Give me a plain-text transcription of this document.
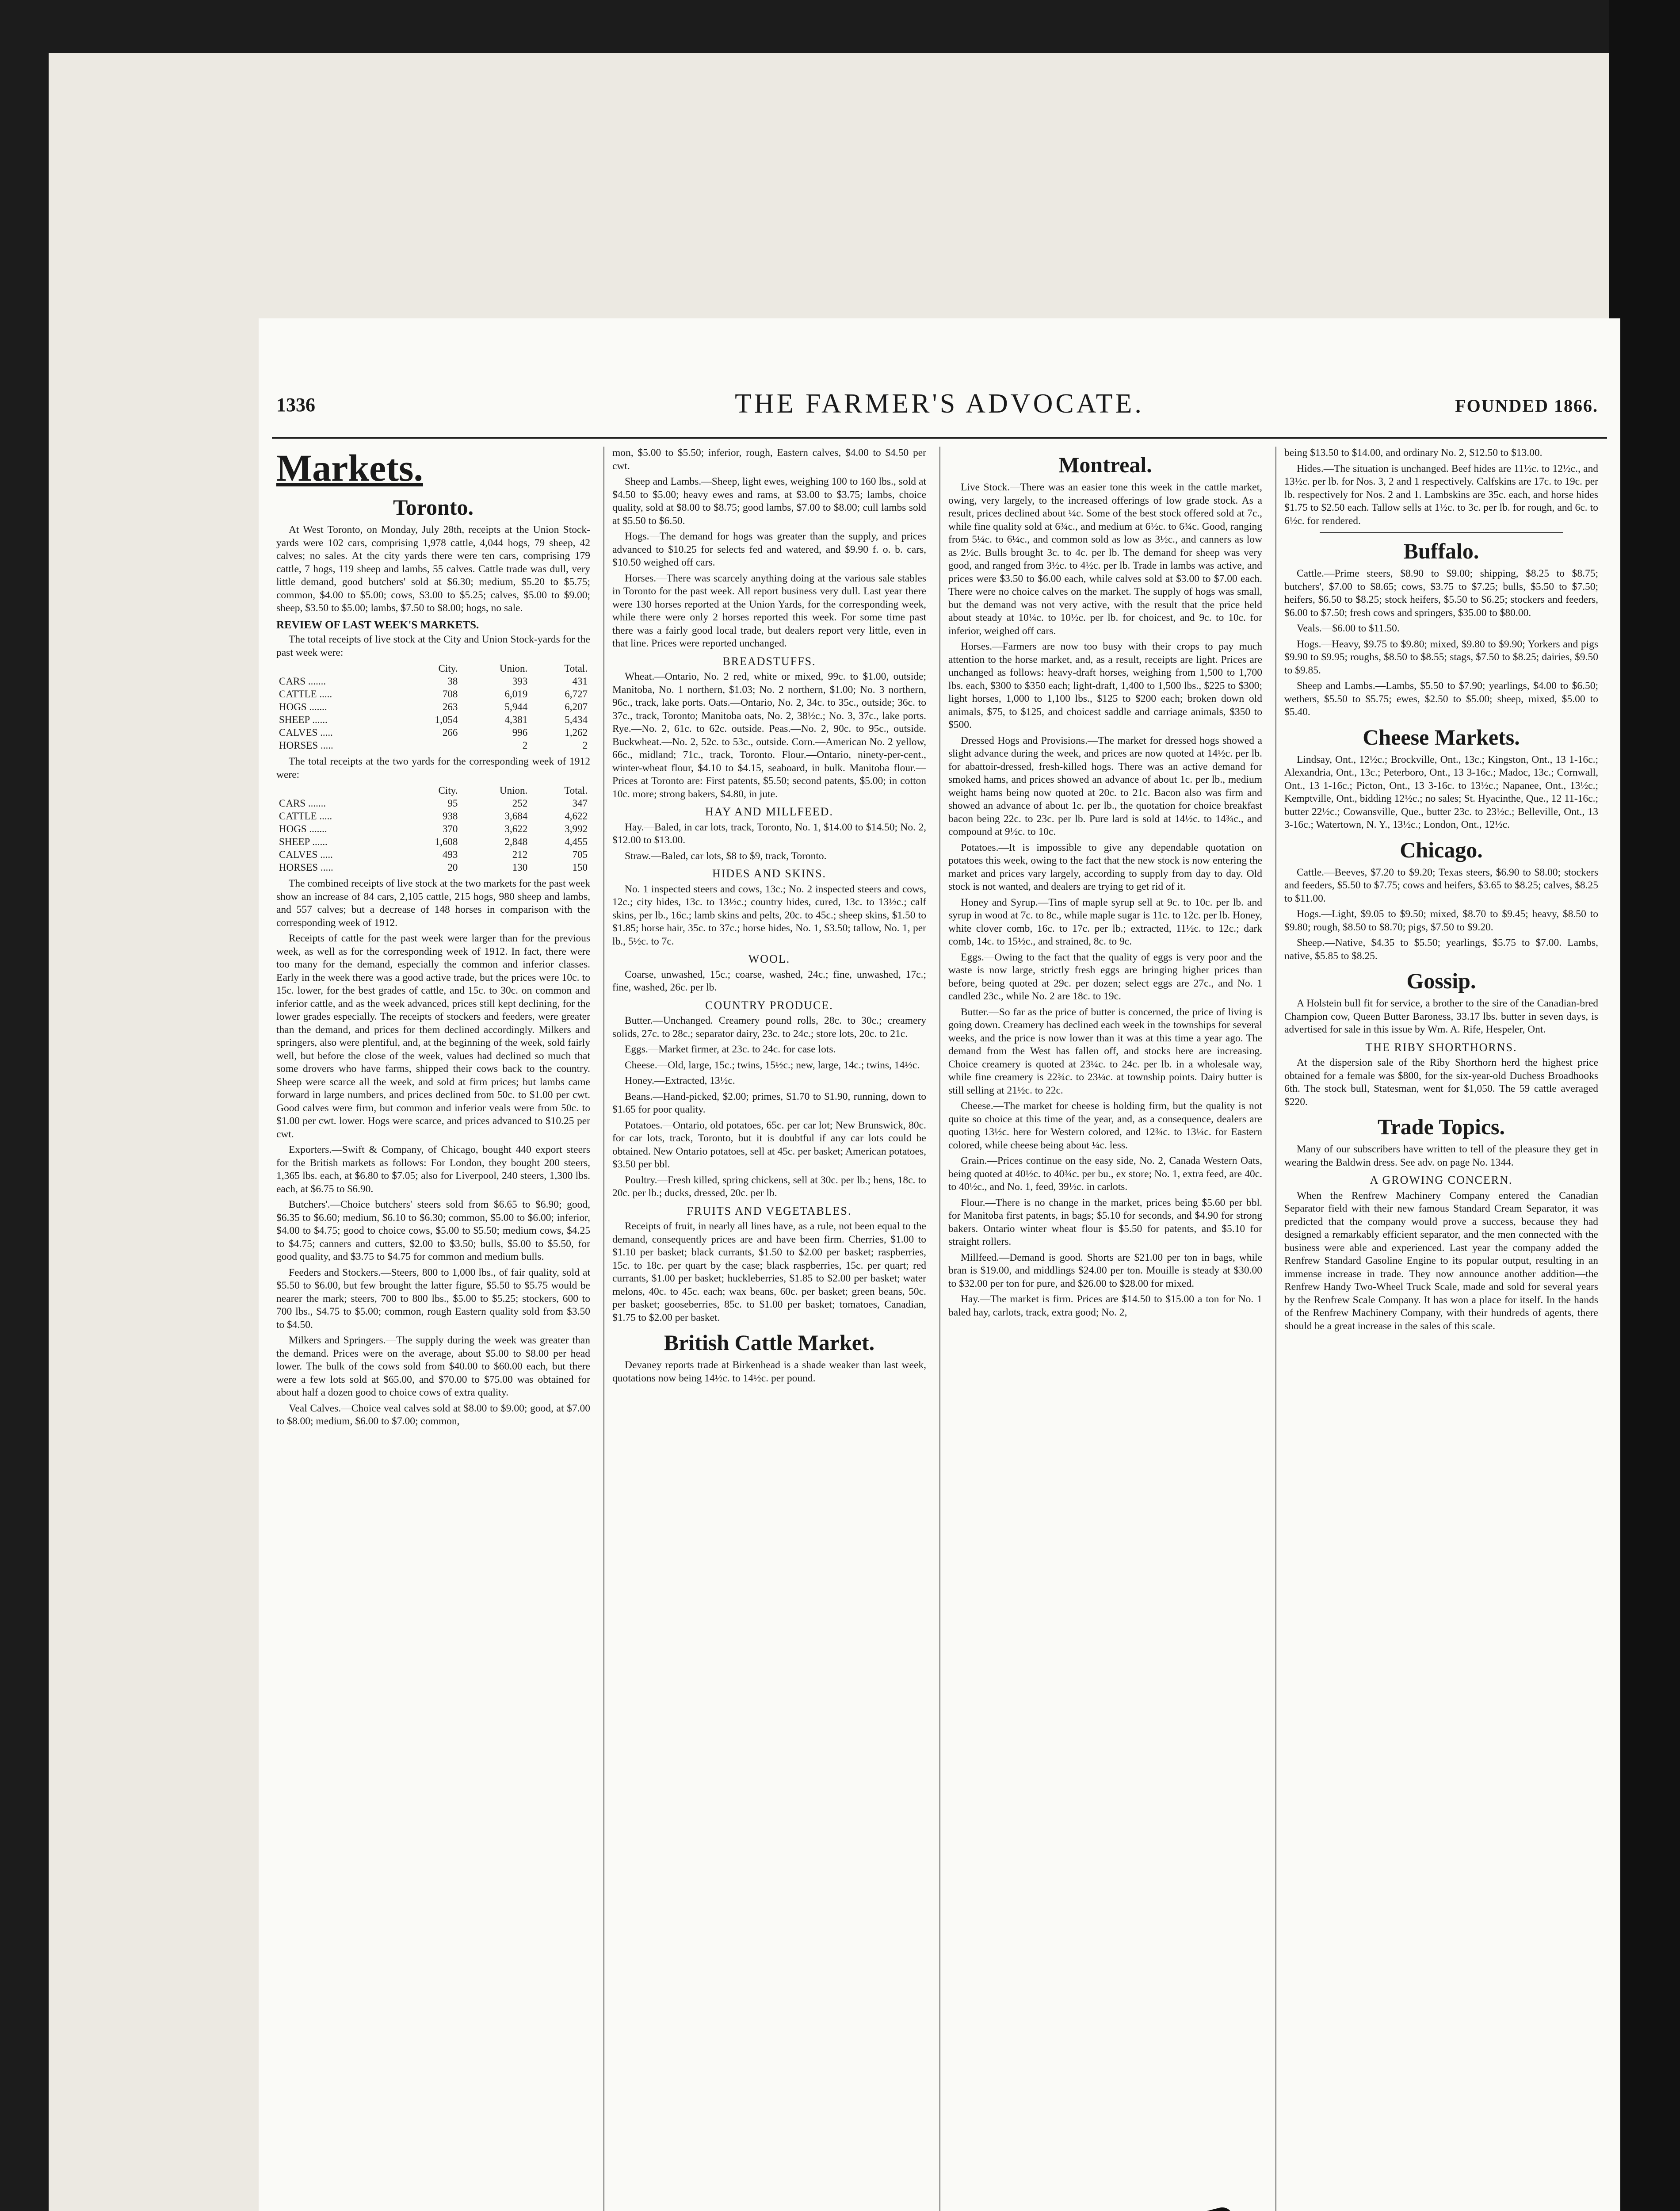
1336	THE FARMER'S ADVOCATE.	FOUNDED 1866.
Markets.
Toronto.

At West Toronto, on Monday, July 28th, receipts at the Union Stock-yards were 102 cars, comprising 1,978 cattle, 4,044 hogs, 79 sheep, 42 calves; no sales. At the city yards there were ten cars, comprising 179 cattle, 7 hogs, 119 sheep and lambs, 55 calves. Cattle trade was dull, very little demand, good butchers' sold at $6.30; medium, $5.20 to $5.75; common, $4.00 to $5.00; cows, $3.00 to $5.25; calves, $5.00 to $9.00; sheep, $3.50 to $5.00; lambs, $7.50 to $8.00; hogs, no sale.

REVIEW OF LAST WEEK'S MARKETS.

The total receipts of live stock at the City and Union Stock-yards for the past week were:

	City.	Union.	Total.
CARS .......	38	393	431
CATTLE .....	708	6,019	6,727
HOGS .......	263	5,944	6,207
SHEEP ......	1,054	4,381	5,434
CALVES .....	266	996	1,262
HORSES .....		2	2

The total receipts at the two yards for the corresponding week of 1912 were:

	City.	Union.	Total.
CARS .......	95	252	347
CATTLE .....	938	3,684	4,622
HOGS .......	370	3,622	3,992
SHEEP ......	1,608	2,848	4,455
CALVES .....	493	212	705
HORSES .....	20	130	150

The combined receipts of live stock at the two markets for the past week show an increase of 84 cars, 2,105 cattle, 215 hogs, 980 sheep and lambs, and 557 calves; but a decrease of 148 horses in comparison with the corresponding week of 1912.

Receipts of cattle for the past week were larger than for the previous week, as well as for the corresponding week of 1912. In fact, there were too many for the demand, especially the common and inferior classes. Early in the week there was a good active trade, but the prices were 10c. to 15c. lower, for the best grades of cattle, and 15c. to 30c. on common and inferior cattle, and as the week advanced, prices still kept declining, for the lower grades especially. The receipts of stockers and feeders, were greater than the demand, and prices for them declined accordingly. Milkers and springers, also were plentiful, and, at the beginning of the week, sold fairly well, but before the close of the week, values had declined so much that some drovers who have farms, shipped their cows back to the country. Sheep were scarce all the week, and sold at firm prices; but lambs came forward in large numbers, and prices declined from 50c. to $1.00 per cwt. Good calves were firm, but common and inferior veals were from 50c. to $1.00 per cwt. lower. Hogs were scarce, and prices advanced to $10.25 per cwt.

Exporters.—Swift & Company, of Chicago, bought 440 export steers for the British markets as follows: For London, they bought 200 steers, 1,365 lbs. each, at $6.80 to $7.05; also for Liverpool, 240 steers, 1,300 lbs. each, at $6.75 to $6.90.

Butchers'.—Choice butchers' steers sold from $6.65 to $6.90; good, $6.35 to $6.60; medium, $6.10 to $6.30; common, $5.00 to $6.00; inferior, $4.00 to $4.75; good to choice cows, $5.00 to $5.50; medium cows, $4.25 to $4.75; canners and cutters, $2.00 to $3.50; bulls, $5.00 to $5.50, for good quality, and $3.75 to $4.75 for common and medium bulls.

Feeders and Stockers.—Steers, 800 to 1,000 lbs., of fair quality, sold at $5.50 to $6.00, but few brought the latter figure, $5.50 to $5.75 would be nearer the mark; steers, 700 to 800 lbs., $5.00 to $5.25; stockers, 600 to 700 lbs., $4.75 to $5.00; common, rough Eastern quality sold from $3.50 to $4.50.

Milkers and Springers.—The supply during the week was greater than the demand. Prices were on the average, about $5.00 to $8.00 per head lower. The bulk of the cows sold from $40.00 to $60.00 each, but there were a few lots sold at $65.00, and $70.00 to $75.00 was obtained for about half a dozen good to choice cows of extra quality.

Veal Calves.—Choice veal calves sold at $8.00 to $9.00; good, at $7.00 to $8.00; medium, $6.00 to $7.00; common,

mon, $5.00 to $5.50; inferior, rough, Eastern calves, $4.00 to $4.50 per cwt.

Sheep and Lambs.—Sheep, light ewes, weighing 100 to 160 lbs., sold at $4.50 to $5.00; heavy ewes and rams, at $3.00 to $3.75; lambs, choice quality, sold at $8.00 to $8.75; good lambs, $7.00 to $8.00; cull lambs sold at $5.50 to $6.50.

Hogs.—The demand for hogs was greater than the supply, and prices advanced to $10.25 for selects fed and watered, and $9.90 f. o. b. cars, $10.50 weighed off cars.

Horses.—There was scarcely anything doing at the various sale stables in Toronto for the past week. All report business very dull. Last year there were 130 horses reported at the Union Yards, for the corresponding week, while there were only 2 horses reported this week. For some time past there was a fairly good local trade, but dealers report very little, even in that line. Prices were reported unchanged.

BREADSTUFFS.

Wheat.—Ontario, No. 2 red, white or mixed, 99c. to $1.00, outside; Manitoba, No. 1 northern, $1.03; No. 2 northern, $1.00; No. 3 northern, 96c., track, lake ports. Oats.—Ontario, No. 2, 34c. to 35c., outside; 36c. to 37c., track, Toronto; Manitoba oats, No. 2, 38½c.; No. 3, 37c., lake ports. Rye.—No. 2, 61c. to 62c. outside. Peas.—No. 2, 90c. to 95c., outside. Buckwheat.—No. 2, 52c. to 53c., outside. Corn.—American No. 2 yellow, 66c., midland; 71c., track, Toronto. Flour.—Ontario, ninety-per-cent., winter-wheat flour, $4.10 to $4.15, seaboard, in bulk. Manitoba flour.—Prices at Toronto are: First patents, $5.50; second patents, $5.00; in cotton 10c. more; strong bakers, $4.80, in jute.

HAY AND MILLFEED.

Hay.—Baled, in car lots, track, Toronto, No. 1, $14.00 to $14.50; No. 2, $12.00 to $13.00.

Straw.—Baled, car lots, $8 to $9, track, Toronto.

HIDES AND SKINS.

No. 1 inspected steers and cows, 13c.; No. 2 inspected steers and cows, 12c.; city hides, 13c. to 13½c.; country hides, cured, 13c. to 13½c.; calf skins, per lb., 16c.; lamb skins and pelts, 20c. to 45c.; sheep skins, $1.50 to $1.85; horse hair, 35c. to 37c.; horse hides, No. 1, $3.50; tallow, No. 1, per lb., 5½c. to 7c.

WOOL.

Coarse, unwashed, 15c.; coarse, washed, 24c.; fine, unwashed, 17c.; fine, washed, 26c. per lb.

COUNTRY PRODUCE.

Butter.—Unchanged. Creamery pound rolls, 28c. to 30c.; creamery solids, 27c. to 28c.; separator dairy, 23c. to 24c.; store lots, 20c. to 21c.

Eggs.—Market firmer, at 23c. to 24c. for case lots.

Cheese.—Old, large, 15c.; twins, 15½c.; new, large, 14c.; twins, 14½c.

Honey.—Extracted, 13½c.

Beans.—Hand-picked, $2.00; primes, $1.70 to $1.90, running, down to $1.65 for poor quality.

Potatoes.—Ontario, old potatoes, 65c. per car lot; New Brunswick, 80c. for car lots, track, Toronto, but it is doubtful if any car lots could be obtained. New Ontario potatoes, sell at 45c. per basket; American potatoes, $3.50 per bbl.

Poultry.—Fresh killed, spring chickens, sell at 30c. per lb.; hens, 18c. to 20c. per lb.; ducks, dressed, 20c. per lb.

FRUITS AND VEGETABLES.

Receipts of fruit, in nearly all lines have, as a rule, not been equal to the demand, consequently prices are and have been firm. Cherries, $1.00 to $1.10 per basket; black currants, $1.50 to $2.00 per basket; raspberries, 15c. to 18c. per quart by the case; black raspberries, 15c. per quart; red currants, $1.00 per basket; huckleberries, $1.85 to $2.00 per basket; water melons, 40c. to 45c. each; wax beans, 60c. per basket; green beans, 50c. per basket; gooseberries, 85c. to $1.00 per basket; tomatoes, Canadian, $1.75 to $2.00 per basket.

British Cattle Market.

Devaney reports trade at Birkenhead is a shade weaker than last week, quotations now being 14½c. to 14½c. per pound.

Montreal.

Live Stock.—There was an easier tone this week in the cattle market, owing, very largely, to the increased offerings of low grade stock. As a result, prices declined about ¼c. Some of the best stock offered sold at 7c., while fine quality sold at 6¾c., and medium at 6½c. to 6¾c. Good, ranging from 5¼c. to 6¼c., and common sold as low as 3½c., and canners as low as 2½c. Bulls brought 3c. to 4c. per lb. The demand for sheep was very good, and ranged from 3½c. to 4½c. per lb. Trade in lambs was active, and prices were $3.50 to $6.00 each, while calves sold at $3.00 to $7.00 each. There were no choice calves on the market. The supply of hogs was small, but the demand was not very active, with the result that the price held about steady at 10¼c. to 10½c. per lb. for choicest, and 9c. to 10c. for inferior, weighed off cars.

Horses.—Farmers are now too busy with their crops to pay much attention to the horse market, and, as a result, receipts are light. Prices are unchanged as follows: heavy-draft horses, weighing from 1,500 to 1,700 lbs. each, $300 to $350 each; light-draft, 1,400 to 1,500 lbs., $225 to $300; light horses, 1,000 to 1,100 lbs., $125 to $200 each; broken down old animals, $75, to $125, and choicest saddle and carriage animals, $350 to $500.

Dressed Hogs and Provisions.—The market for dressed hogs showed a slight advance during the week, and prices are now quoted at 14½c. per lb. for abattoir-dressed, fresh-killed hogs. There was an active demand for smoked hams, and prices showed an advance of about 1c. per lb., medium weight hams being now quoted at 20c. to 21c. Bacon also was firm and showed an advance of about 1c. per lb., the quotation for choice breakfast bacon being 22c. to 23c. per lb. Pure lard is sold at 14½c. to 14¾c., and compound at 9½c. to 10c.

Potatoes.—It is impossible to give any dependable quotation on potatoes this week, owing to the fact that the new stock is now entering the market and prices vary largely, according to supply from day to day. Old stock is not wanted, and dealers are trying to get rid of it.

Honey and Syrup.—Tins of maple syrup sell at 9c. to 10c. per lb. and syrup in wood at 7c. to 8c., while maple sugar is 11c. to 12c. per lb. Honey, white clover comb, 16c. to 17c. per lb.; extracted, 11½c. to 12c.; dark comb, 14c. to 15½c., and strained, 8c. to 9c.

Eggs.—Owing to the fact that the quality of eggs is very poor and the waste is now large, strictly fresh eggs are bringing higher prices than before, being quoted at 29c. per dozen; select eggs are 27c., and No. 1 candled 23c., while No. 2 are 18c. to 19c.

Butter.—So far as the price of butter is concerned, the price of living is going down. Creamery has declined each week in the townships for several weeks, and the price is now lower than it was at this time a year ago. The demand from the West has fallen off, and stocks here are increasing. Choice creamery is quoted at 23¼c. to 24c. per lb. in a wholesale way, while fine creamery is 22¾c. to 23¼c. at township points. Dairy butter is still selling at 21½c. to 22c.

Cheese.—The market for cheese is holding firm, but the quality is not quite so choice at this time of the year, and, as a consequence, dealers are quoting 13½c. here for Western colored, and 12¾c. to 13¼c. for Eastern colored, while cheese being about ¼c. less.

Grain.—Prices continue on the easy side, No. 2, Canada Western Oats, being quoted at 40½c. to 40¾c. per bu., ex store; No. 1, extra feed, are 40c. to 40½c., and No. 1, feed, 39½c. in carlots.

Flour.—There is no change in the market, prices being $5.60 per bbl. for Manitoba first patents, in bags; $5.10 for seconds, and $4.90 for strong bakers. Ontario winter wheat flour is $5.50 for patents, and $5.10 for straight rollers.

Millfeed.—Demand is good. Shorts are $21.00 per ton in bags, while bran is $19.00, and middlings $24.00 per ton. Mouille is steady at $30.00 to $32.00 per ton for pure, and $26.00 to $28.00 for mixed.

Hay.—The market is firm. Prices are $14.50 to $15.00 a ton for No. 1 baled hay, carlots, track, extra good; No. 2,

being $13.50 to $14.00, and ordinary No. 2, $12.50 to $13.00.

Hides.—The situation is unchanged. Beef hides are 11½c. to 12½c., and 13½c. per lb. for Nos. 3, 2 and 1 respectively. Calfskins are 17c. to 19c. per lb. respectively for Nos. 2 and 1. Lambskins are 35c. each, and horse hides $1.75 to $2.50 each. Tallow sells at 1½c. to 3c. per lb. for rough, and 6c. to 6½c. for rendered.

Buffalo.

Cattle.—Prime steers, $8.90 to $9.00; shipping, $8.25 to $8.75; butchers', $7.00 to $8.65; cows, $3.75 to $7.25; bulls, $5.50 to $7.50; heifers, $6.50 to $8.25; stock heifers, $5.50 to $6.25; stockers and feeders, $6.00 to $7.50; fresh cows and springers, $35.00 to $80.00.

Veals.—$6.00 to $11.50.

Hogs.—Heavy, $9.75 to $9.80; mixed, $9.80 to $9.90; Yorkers and pigs $9.90 to $9.95; roughs, $8.50 to $8.55; stags, $7.50 to $8.25; dairies, $9.50 to $9.85.

Sheep and Lambs.—Lambs, $5.50 to $7.90; yearlings, $4.00 to $6.50; wethers, $5.50 to $5.75; ewes, $2.50 to $5.00; sheep, mixed, $5.00 to $5.40.

Cheese Markets.

Lindsay, Ont., 12½c.; Brockville, Ont., 13c.; Kingston, Ont., 13 1-16c.; Alexandria, Ont., 13c.; Peterboro, Ont., 13 3-16c.; Madoc, 13c.; Cornwall, Ont., 13 1-16c.; Picton, Ont., 13 3-16c. to 13½c.; Napanee, Ont., 13½c.; Kemptville, Ont., bidding 12½c.; no sales; St. Hyacinthe, Que., 12 11-16c.; butter 22½c.; Cowansville, Que., butter 23c. to 23½c.; Belleville, Ont., 13 3-16c.; Watertown, N. Y., 13½c.; London, Ont., 12½c.

Chicago.

Cattle.—Beeves, $7.20 to $9.20; Texas steers, $6.90 to $8.00; stockers and feeders, $5.50 to $7.75; cows and heifers, $3.65 to $8.25; calves, $8.25 to $11.00.

Hogs.—Light, $9.05 to $9.50; mixed, $8.70 to $9.45; heavy, $8.50 to $9.80; rough, $8.50 to $8.70; pigs, $7.50 to $9.20.

Sheep.—Native, $4.35 to $5.50; yearlings, $5.75 to $7.00. Lambs, native, $5.85 to $8.25.

Gossip.

A Holstein bull fit for service, a brother to the sire of the Canadian-bred Champion cow, Queen Butter Baroness, 33.17 lbs. butter in seven days, is advertised for sale in this issue by Wm. A. Rife, Hespeler, Ont.

THE RIBY SHORTHORNS.

At the dispersion sale of the Riby Shorthorn herd the highest price obtained for a female was $800, for the six-year-old Duchess Broadhooks 6th. The stock bull, Statesman, went for $1,050. The 59 cattle averaged $220.

Trade Topics.

Many of our subscribers have written to tell of the pleasure they get in wearing the Baldwin dress. See adv. on page No. 1344.

A GROWING CONCERN.

When the Renfrew Machinery Company entered the Canadian Separator field with their new famous Standard Cream Separator, it was predicted that the company would prove a success, because they had designed a remarkably efficient separator, and the men connected with the business were able and experienced. Last year the company added the Renfrew Standard Gasoline Engine to its popular output, resulting in an immense increase in trade. They now announce another addition—the Renfrew Handy Two-Wheel Truck Scale, made and sold for several years by the Renfrew Scale Company. It has won a place for itself. In the hands of the Renfrew Machinery Company, with their hundreds of agents, there should be a great increase in the sales of this scale.
